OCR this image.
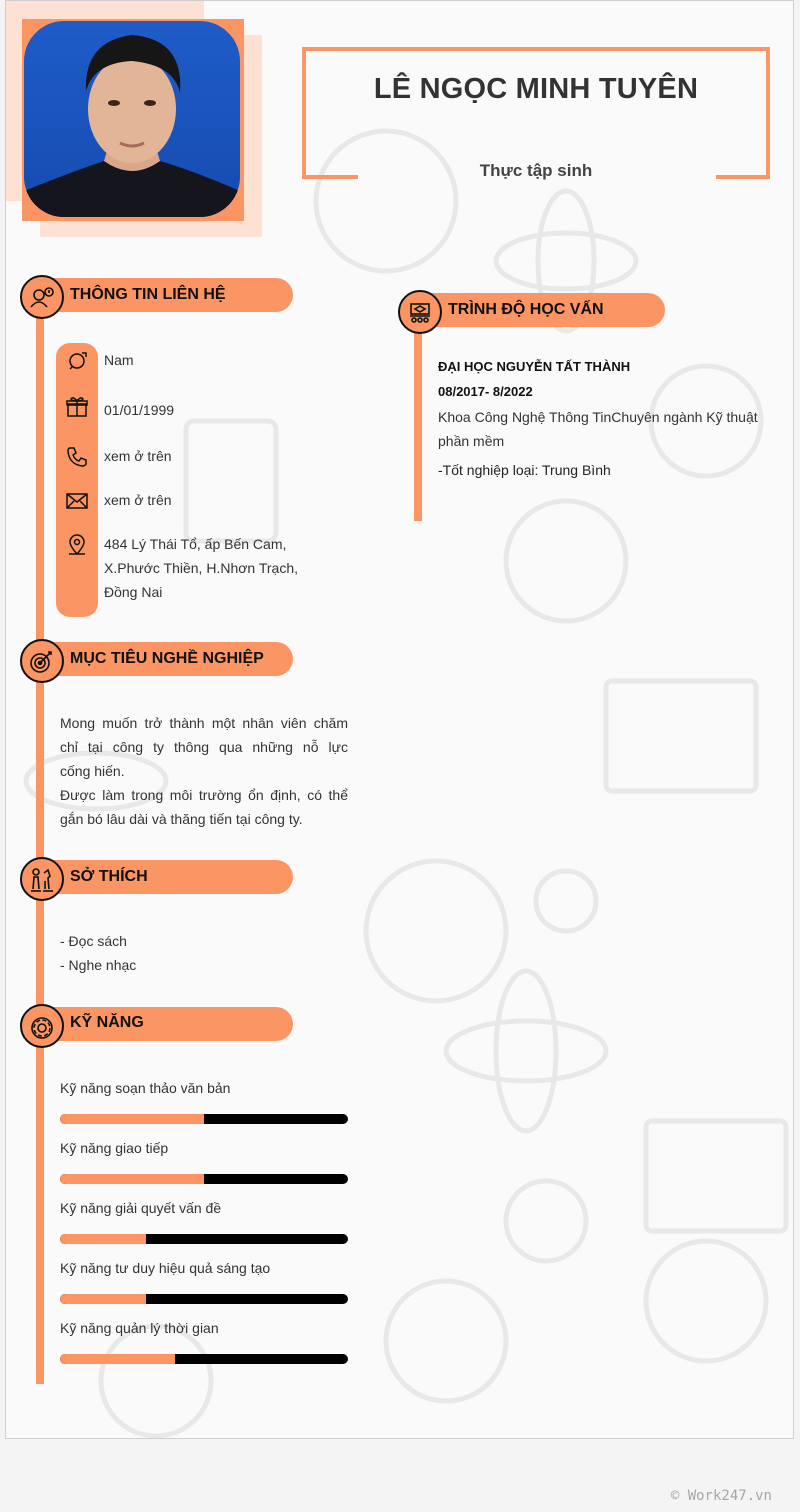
LÊ NGỌC MINH TUYÊN
Thực tập sinh
THÔNG TIN LIÊN HỆ
Nam
01/01/1999
xem ở trên
xem ở trên
484 Lý Thái Tổ, ấp Bến Cam,
X.Phước Thiền, H.Nhơn Trạch,
Đồng Nai
MỤC TIÊU NGHỀ NGHIỆP
Mong muốn trở thành một nhân viên chăm
chỉ tại công ty thông qua những nỗ lực
cống hiến.
Được làm trong môi trường ổn định, có thể
gắn bó lâu dài và thăng tiến tại công ty.
SỞ THÍCH
- Đọc sách
- Nghe nhạc
KỸ NĂNG
Kỹ năng soạn thảo văn bản
Kỹ năng giao tiếp
Kỹ năng giải quyết vấn đề
Kỹ năng tư duy hiệu quả sáng tạo
Kỹ năng quản lý thời gian
TRÌNH ĐỘ HỌC VẤN
ĐẠI HỌC NGUYỄN TẤT THÀNH
08/2017- 8/2022
Khoa Công Nghệ Thông TinChuyên ngành Kỹ thuật
phần mềm
-Tốt nghiệp loại: Trung Bình
© Work247.vn
